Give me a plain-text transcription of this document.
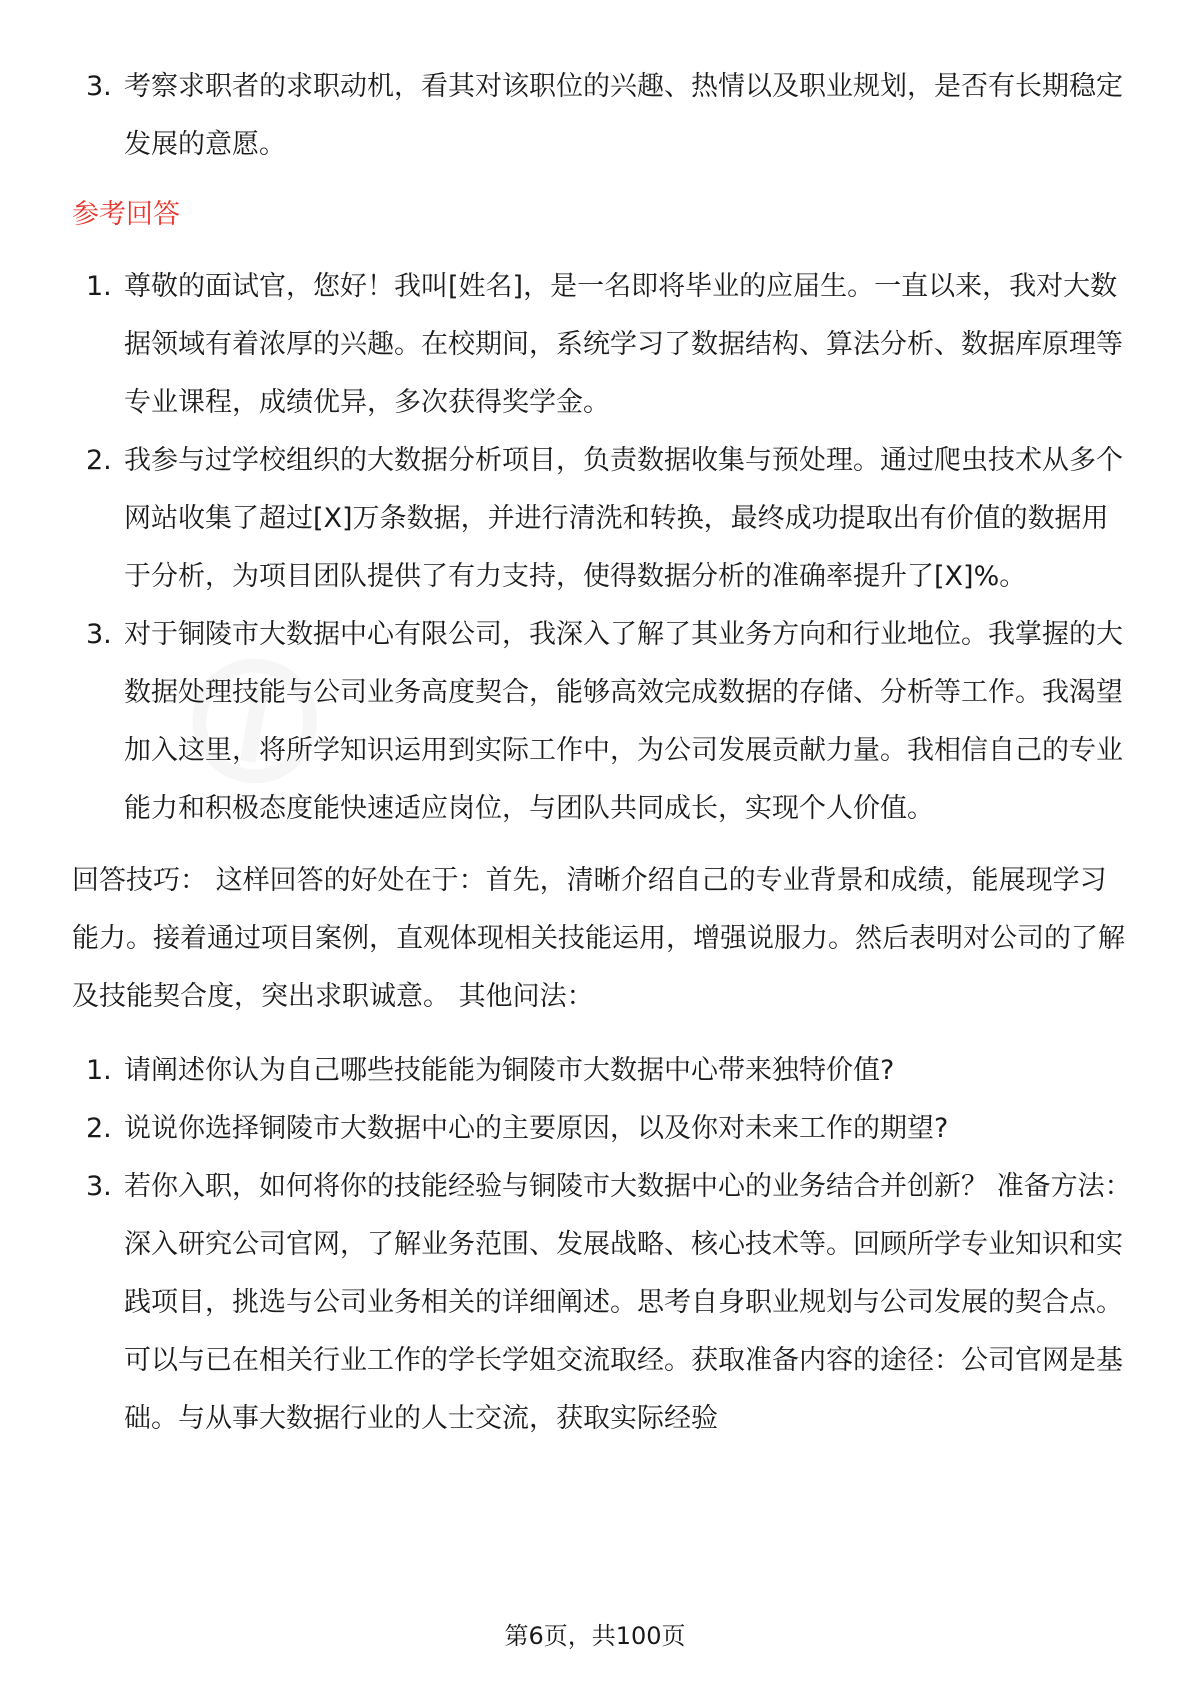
3. 考察求职者的求职动机，看其对该职位的兴趣、热情以及职业规划，是否有长期稳定发展的意愿。
参考回答
1. 尊敬的面试官，您好！我叫[姓名]，是一名即将毕业的应届生。一直以来，我对大数据领域有着浓厚的兴趣。在校期间，系统学习了数据结构、算法分析、数据库原理等专业课程，成绩优异，多次获得奖学金。
2. 我参与过学校组织的大数据分析项目，负责数据收集与预处理。通过爬虫技术从多个网站收集了超过[X]万条数据，并进行清洗和转换，最终成功提取出有价值的数据用于分析，为项目团队提供了有力支持，使得数据分析的准确率提升了[X]%。
3. 对于铜陵市大数据中心有限公司，我深入了解了其业务方向和行业地位。我掌握的大数据处理技能与公司业务高度契合，能够高效完成数据的存储、分析等工作。我渴望加入这里，将所学知识运用到实际工作中，为公司发展贡献力量。我相信自己的专业能力和积极态度能快速适应岗位，与团队共同成长，实现个人价值。

回答技巧： 这样回答的好处在于：首先，清晰介绍自己的专业背景和成绩，能展现学习能力。接着通过项目案例，直观体现相关技能运用，增强说服力。然后表明对公司的了解及技能契合度，突出求职诚意。 其他问法：

1. 请阐述你认为自己哪些技能能为铜陵市大数据中心带来独特价值?
2. 说说你选择铜陵市大数据中心的主要原因，以及你对未来工作的期望?
3. 若你入职，如何将你的技能经验与铜陵市大数据中心的业务结合并创新？ 准备方法： 深入研究公司官网，了解业务范围、发展战略、核心技术等。回顾所学专业知识和实践项目，挑选与公司业务相关的详细阐述。思考自身职业规划与公司发展的契合点。可以与已在相关行业工作的学长学姐交流取经。获取准备内容的途径：公司官网是基础。与从事大数据行业的人士交流，获取实际经验
第6页，共100页
